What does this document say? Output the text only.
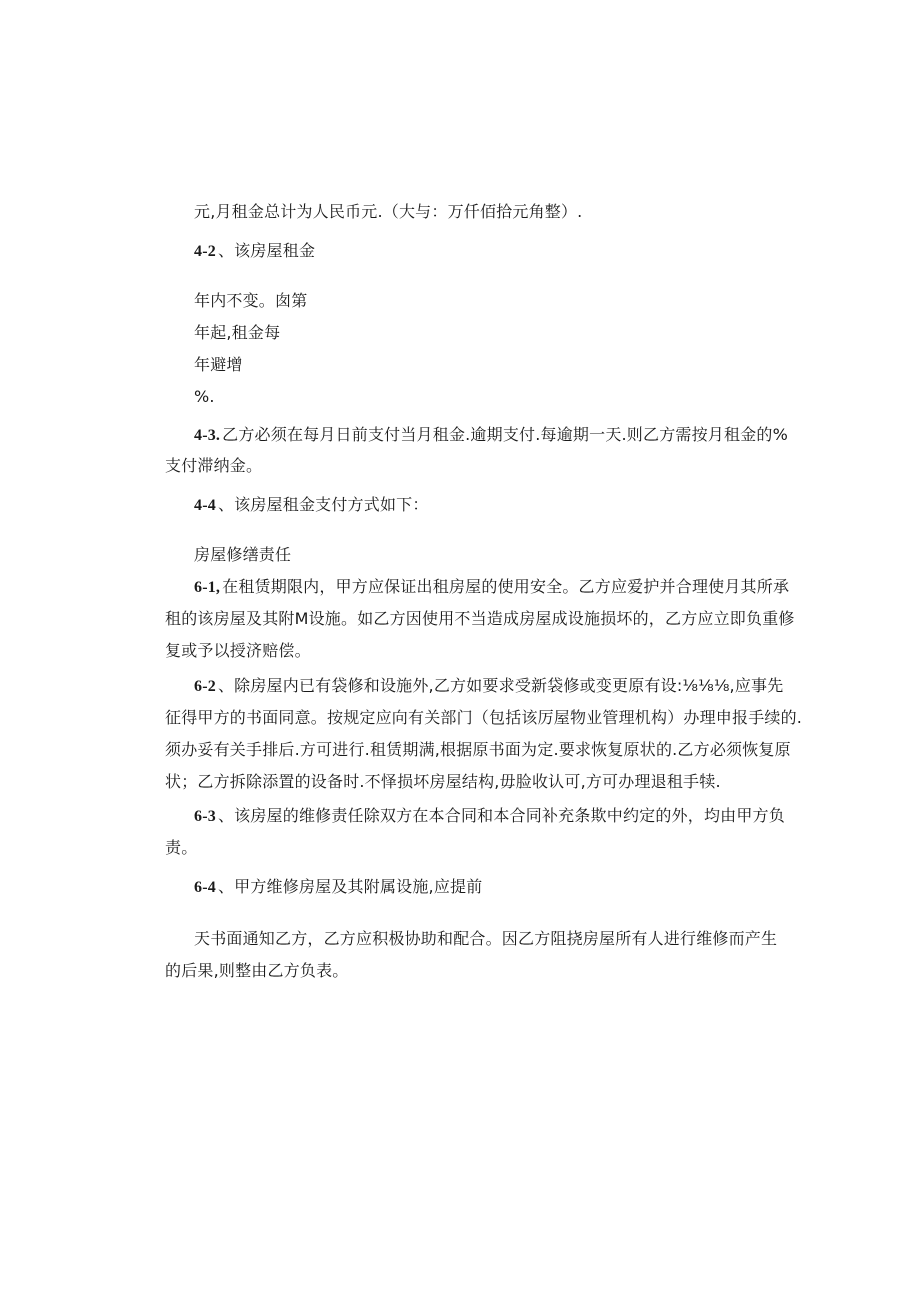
元,月租金总计为人民币元.（大与：万仟佰拾元角整）.
4-2 、该房屋租金
年内不变。囱第
年起,租金每
年避增
%.
4-3. 乙方必须在每月日前支付当月租金.逾期支付.每逾期一天.则乙方需按月租金的%
支付滞纳金。
4-4 、该房屋租金支付方式如下：
房屋修缮责任
6-1, 在租赁期限内，甲方应保证出租房屋的使用安全。乙方应爱护并合理使月其所承
租的该房屋及其附M设施。如乙方因使用不当造成房屋成设施损坏的，乙方应立即负重修
复或予以授济赔偿。
6-2 、除房屋内已有袋修和设施外,乙方如要求受新袋修或变更原有设:⅛⅛⅛,应事先
征得甲方的书面同意。按规定应向有关部门（包括该厉屋物业管理机构）办理申报手续的.
须办妥有关手排后.方可进行.租赁期满,根据原书面为定.要求恢复原状的.乙方必须恢复原
状；乙方拆除添置的设备时.不怿损坏房屋结构,毋脸收认可,方可办理退租手犊.
6-3 、该房屋的维修责任除双方在本合同和本合同补充条欺中约定的外，均由甲方负
责。
6-4 、甲方维修房屋及其附属设施,应提前
天书面通知乙方，乙方应积极协助和配合。因乙方阻挠房屋所有人进行维修而产生
的后果,则整由乙方负表。
